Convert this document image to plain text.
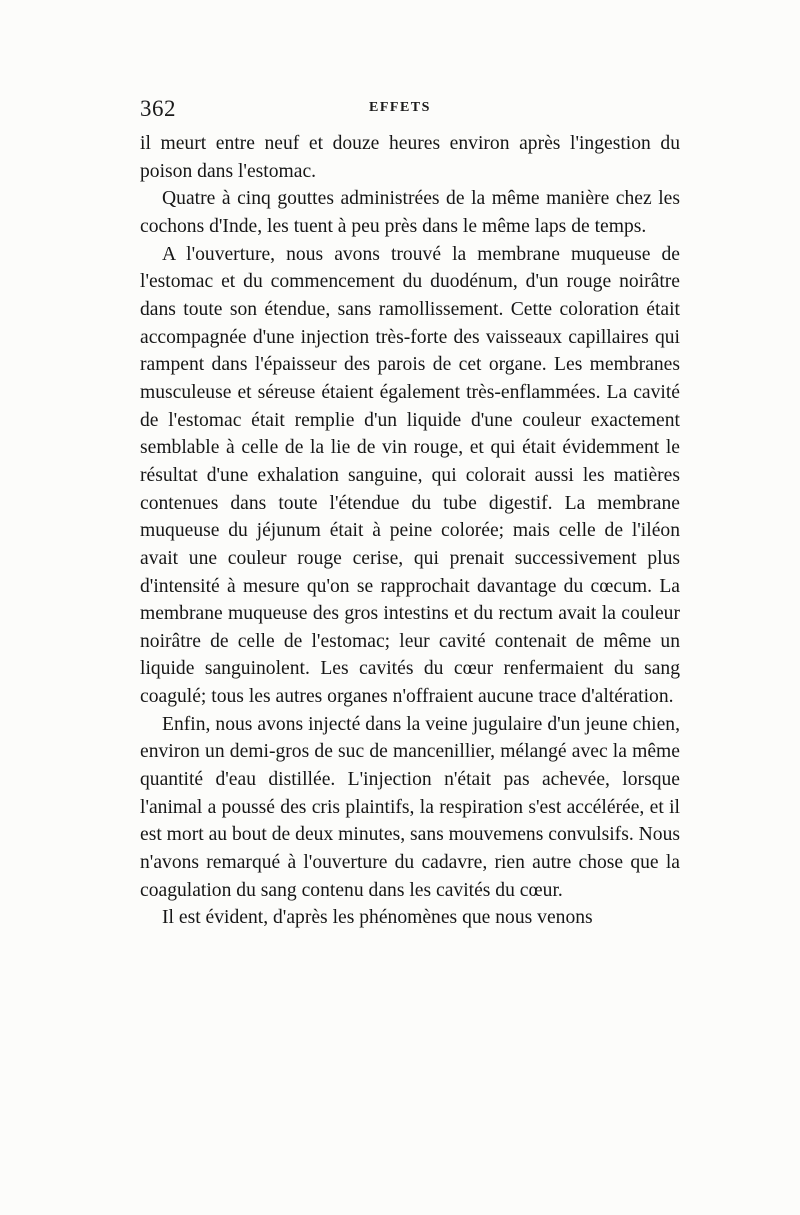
362	EFFETS

il meurt entre neuf et douze heures environ après l'ingestion du poison dans l'estomac.

Quatre à cinq gouttes administrées de la même manière chez les cochons d'Inde, les tuent à peu près dans le même laps de temps.

A l'ouverture, nous avons trouvé la membrane muqueuse de l'estomac et du commencement du duodénum, d'un rouge noirâtre dans toute son étendue, sans ramollissement. Cette coloration était accompagnée d'une injection très-forte des vaisseaux capillaires qui rampent dans l'épaisseur des parois de cet organe. Les membranes musculeuse et séreuse étaient également très-enflammées. La cavité de l'estomac était remplie d'un liquide d'une couleur exactement semblable à celle de la lie de vin rouge, et qui était évidemment le résultat d'une exhalation sanguine, qui colorait aussi les matières contenues dans toute l'étendue du tube digestif. La membrane muqueuse du jéjunum était à peine colorée; mais celle de l'iléon avait une couleur rouge cerise, qui prenait successivement plus d'intensité à mesure qu'on se rapprochait davantage du cœcum. La membrane muqueuse des gros intestins et du rectum avait la couleur noirâtre de celle de l'estomac; leur cavité contenait de même un liquide sanguinolent. Les cavités du cœur renfermaient du sang coagulé; tous les autres organes n'offraient aucune trace d'altération.

Enfin, nous avons injecté dans la veine jugulaire d'un jeune chien, environ un demi-gros de suc de mancenillier, mélangé avec la même quantité d'eau distillée. L'injection n'était pas achevée, lorsque l'animal a poussé des cris plaintifs, la respiration s'est accélérée, et il est mort au bout de deux minutes, sans mouvemens convulsifs. Nous n'avons remarqué à l'ouverture du cadavre, rien autre chose que la coagulation du sang contenu dans les cavités du cœur.

Il est évident, d'après les phénomènes que nous venons
